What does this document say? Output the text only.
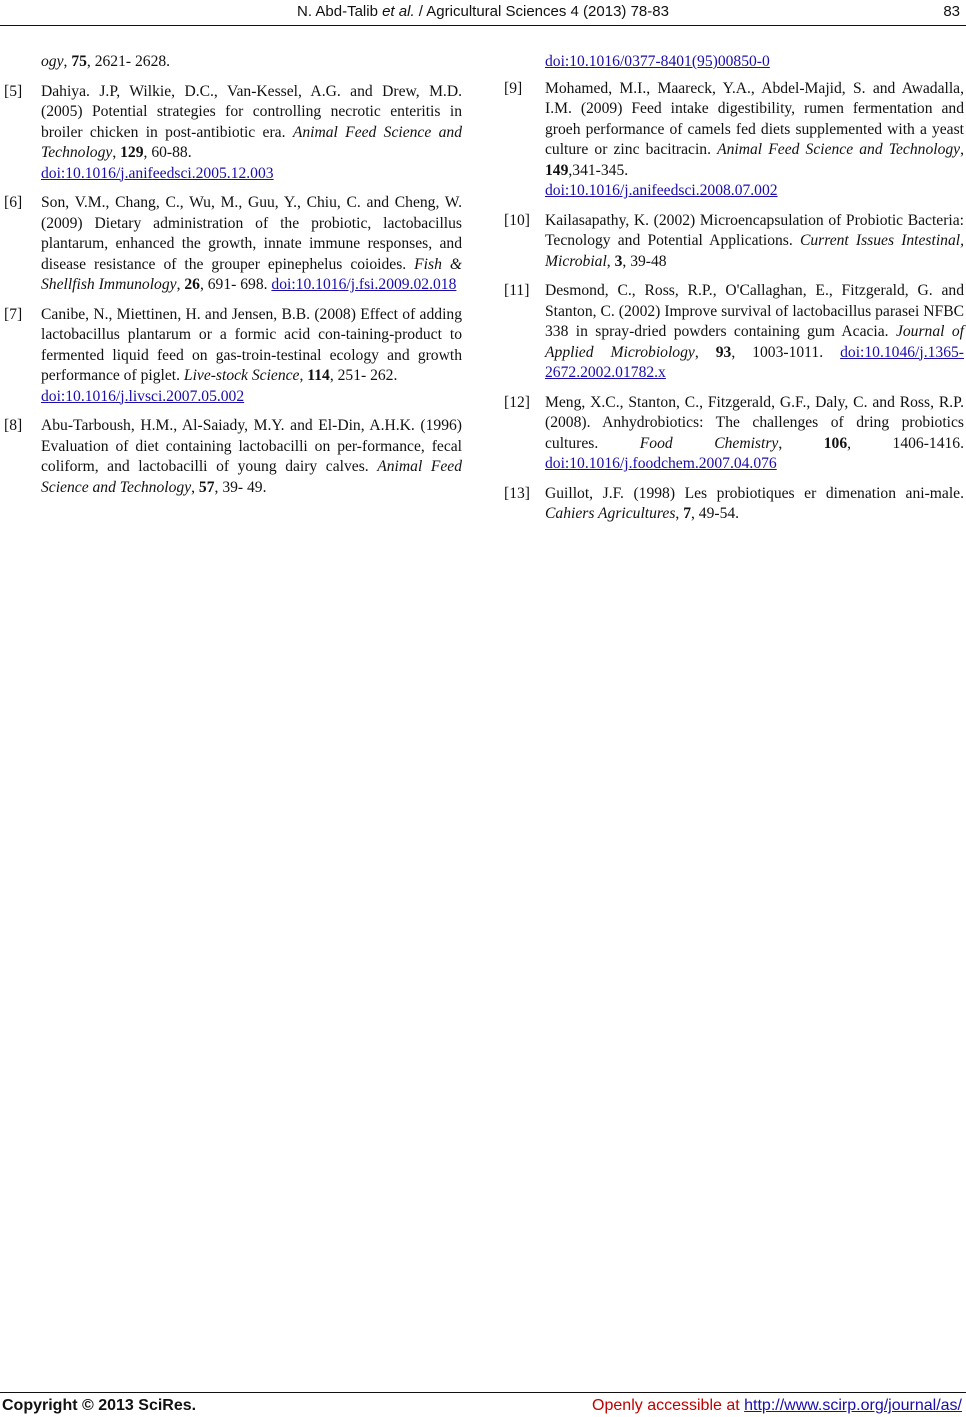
N. Abd-Talib et al. / Agricultural Sciences 4 (2013) 78-83	83
ogy, 75, 2621- 2628.
[5] Dahiya. J.P, Wilkie, D.C., Van-Kessel, A.G. and Drew, M.D. (2005) Potential strategies for controlling necrotic enteritis in broiler chicken in post-antibiotic era. Animal Feed Science and Technology, 129, 60-88.
doi:10.1016/j.anifeedsci.2005.12.003
[6] Son, V.M., Chang, C., Wu, M., Guu, Y., Chiu, C. and Cheng, W. (2009) Dietary administration of the probiotic, lactobacillus plantarum, enhanced the growth, innate immune responses, and disease resistance of the grouper epinephelus coioides. Fish & Shellfish Immunology, 26, 691- 698. doi:10.1016/j.fsi.2009.02.018
[7] Canibe, N., Miettinen, H. and Jensen, B.B. (2008) Effect of adding lactobacillus plantarum or a formic acid con-taining-product to fermented liquid feed on gas-troin-testinal ecology and growth performance of piglet. Live-stock Science, 114, 251- 262.
doi:10.1016/j.livsci.2007.05.002
[8] Abu-Tarboush, H.M., Al-Saiady, M.Y. and El-Din, A.H.K. (1996) Evaluation of diet containing lactobacilli on per-formance, fecal coliform, and lactobacilli of young dairy calves. Animal Feed Science and Technology, 57, 39- 49.
doi:10.1016/0377-8401(95)00850-0
[9] Mohamed, M.I., Maareck, Y.A., Abdel-Majid, S. and Awadalla, I.M. (2009) Feed intake digestibility, rumen fermentation and groeh performance of camels fed diets supplemented with a yeast culture or zinc bacitracin. Animal Feed Science and Technology, 149,341-345.
doi:10.1016/j.anifeedsci.2008.07.002
[10] Kailasapathy, K. (2002) Microencapsulation of Probiotic Bacteria: Tecnology and Potential Applications. Current Issues Intestinal, Microbial, 3, 39-48
[11] Desmond, C., Ross, R.P., O'Callaghan, E., Fitzgerald, G. and Stanton, C. (2002) Improve survival of lactobacillus parasei NFBC 338 in spray-dried powders containing gum Acacia. Journal of Applied Microbiology, 93, 1003-1011. doi:10.1046/j.1365-2672.2002.01782.x
[12] Meng, X.C., Stanton, C., Fitzgerald, G.F., Daly, C. and Ross, R.P. (2008). Anhydrobiotics: The challenges of dring probiotics cultures. Food Chemistry, 106, 1406-1416. doi:10.1016/j.foodchem.2007.04.076
[13] Guillot, J.F. (1998) Les probiotiques er dimenation ani-male. Cahiers Agricultures, 7, 49-54.
Copyright © 2013 SciRes.	Openly accessible at http://www.scirp.org/journal/as/
